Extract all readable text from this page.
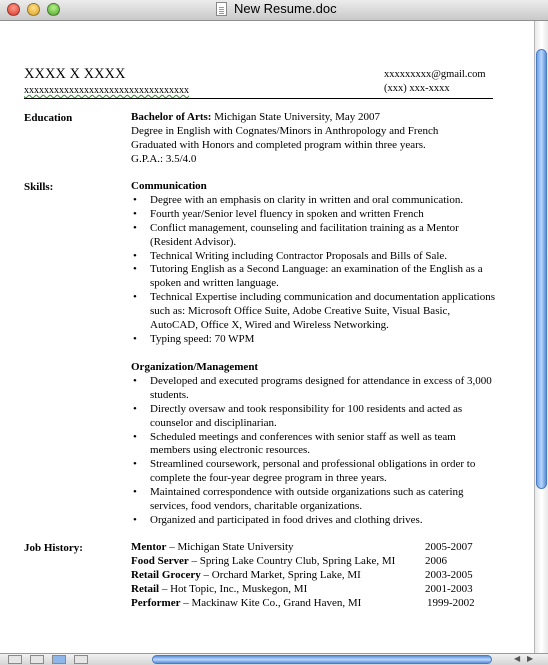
New Resume.doc
XXXX X XXXX
xxxxxxxxxxxxxxxxxxxxxxxxxxxxxxxxx
xxxxxxxxx@gmail.com
(xxx) xxx-xxxx
Education	Bachelor of Arts: Michigan State University, May 2007

Degree in English with Cognates/Minors in Anthropology and French

Graduated with Honors and completed program within three years.

G.P.A.: 3.5/4.0

Skills:	Communication

• Degree with an emphasis on clarity in written and oral communication.
• Fourth year/Senior level fluency in spoken and written French
• Conflict management, counseling and facilitation training as a Mentor (Resident Advisor).
• Technical Writing including Contractor Proposals and Bills of Sale.
• Tutoring English as a Second Language: an examination of the English as a spoken and written language.
• Technical Expertise including communication and documentation applications such as: Microsoft Office Suite, Adobe Creative Suite, Visual Basic, AutoCAD, Office X, Wired and Wireless Networking.
• Typing speed: 70 WPM

Organization/Management

• Developed and executed programs designed for attendance in excess of 3,000 students.
• Directly oversaw and took responsibility for 100 residents and acted as counselor and disciplinarian.
• Scheduled meetings and conferences with senior staff as well as team members using electronic resources.
• Streamlined coursework, personal and professional obligations in order to complete the four-year degree program in three years.
• Maintained correspondence with outside organizations such as catering services, food vendors, charitable organizations.
• Organized and participated in food drives and clothing drives.
Job History:	Mentor – Michigan State University	2005-2007
Food Server – Spring Lake Country Club, Spring Lake, MI	2006
Retail Grocery – Orchard Market, Spring Lake, MI	2003-2005
Retail – Hot Topic, Inc., Muskegon, MI	2001-2003
Performer – Mackinaw Kite Co., Grand Haven, MI	1999-2002
◀ ▶
